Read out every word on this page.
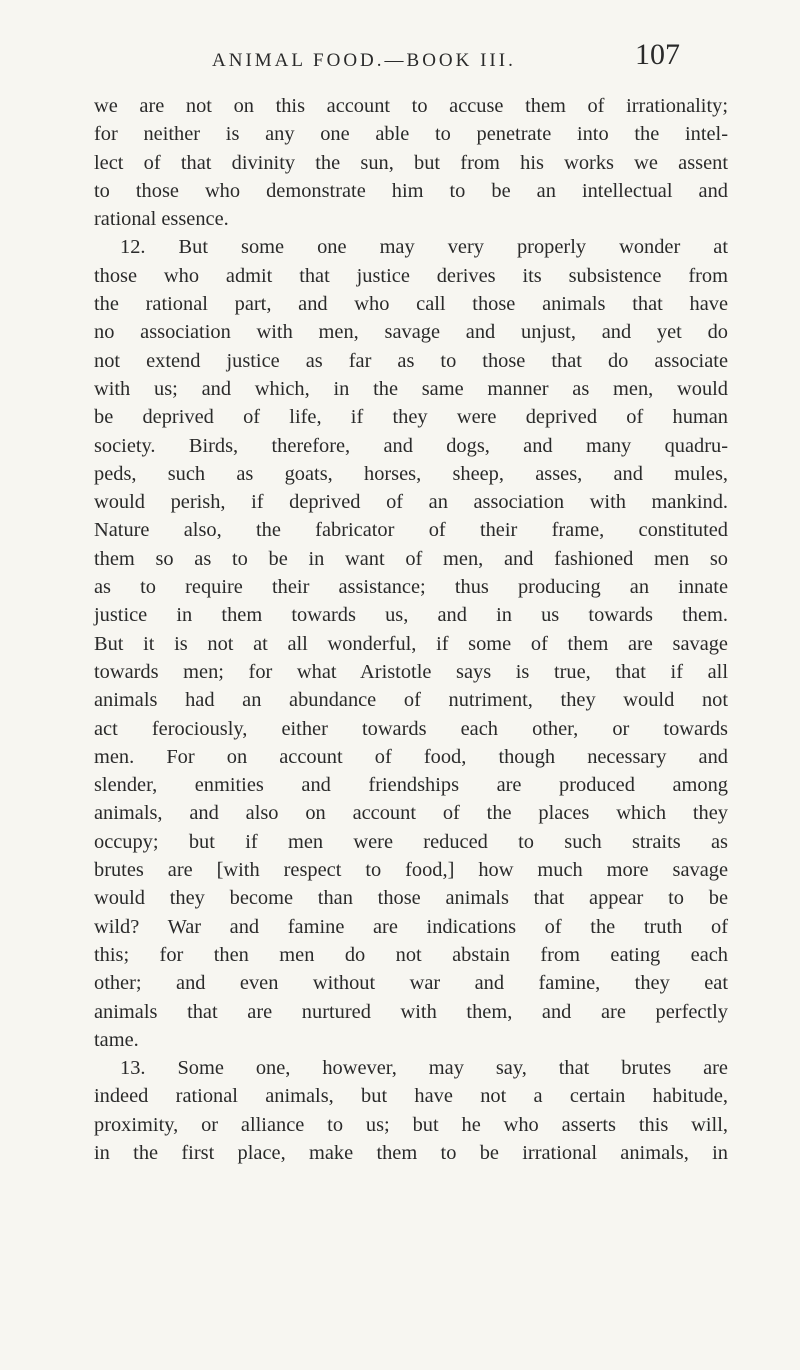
ANIMAL FOOD.—BOOK III.	107
we are not on this account to accuse them of irrationality;
for neither is any one able to penetrate into the intel-
lect of that divinity the sun, but from his works we assent
to those who demonstrate him to be an intellectual and
rational essence.
12. But some one may very properly wonder at
those who admit that justice derives its subsistence from
the rational part, and who call those animals that have
no association with men, savage and unjust, and yet do
not extend justice as far as to those that do associate
with us; and which, in the same manner as men, would
be deprived of life, if they were deprived of human
society. Birds, therefore, and dogs, and many quadru-
peds, such as goats, horses, sheep, asses, and mules,
would perish, if deprived of an association with mankind.
Nature also, the fabricator of their frame, constituted
them so as to be in want of men, and fashioned men so
as to require their assistance; thus producing an innate
justice in them towards us, and in us towards them.
But it is not at all wonderful, if some of them are savage
towards men; for what Aristotle says is true, that if all
animals had an abundance of nutriment, they would not
act ferociously, either towards each other, or towards
men. For on account of food, though necessary and
slender, enmities and friendships are produced among
animals, and also on account of the places which they
occupy; but if men were reduced to such straits as
brutes are [with respect to food,] how much more savage
would they become than those animals that appear to be
wild? War and famine are indications of the truth of
this; for then men do not abstain from eating each
other; and even without war and famine, they eat
animals that are nurtured with them, and are perfectly
tame.
13. Some one, however, may say, that brutes are
indeed rational animals, but have not a certain habitude,
proximity, or alliance to us; but he who asserts this will,
in the first place, make them to be irrational animals, in
